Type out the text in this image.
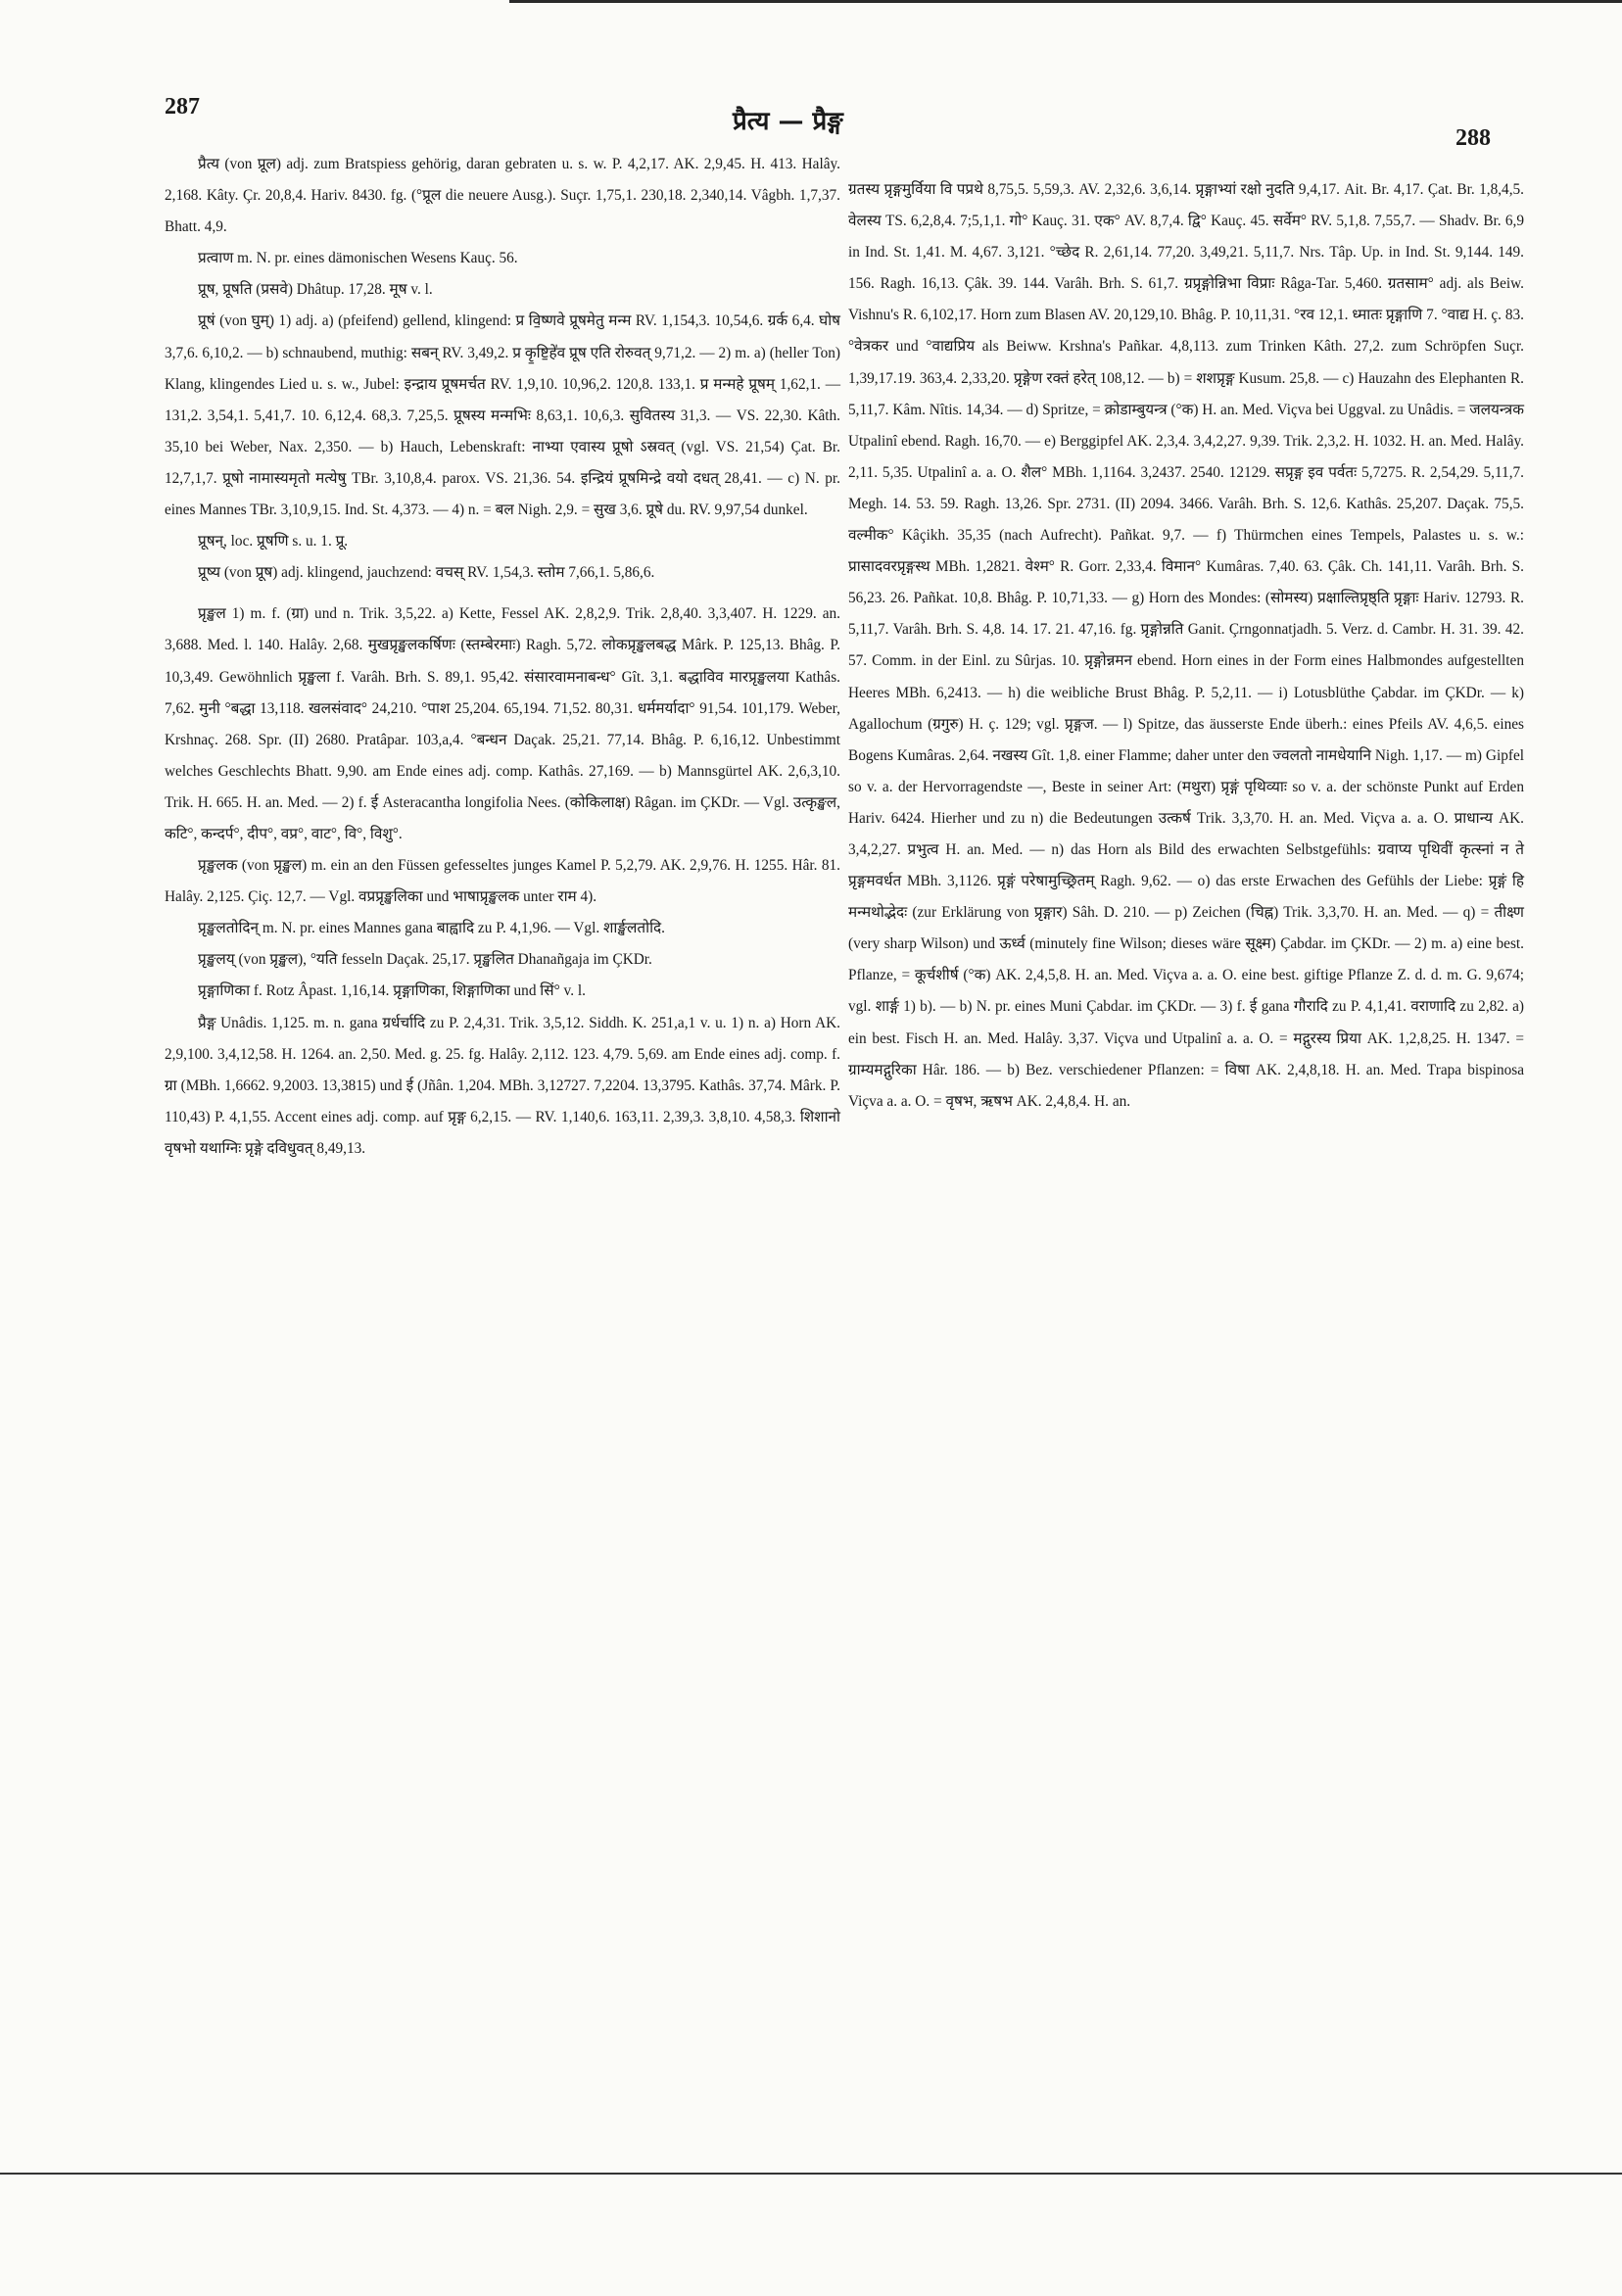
287	प्रैत्य — प्रैङ्ग
288

प्रैत्य (von प्रूल) adj. zum Bratspiess gehörig, daran gebraten u. s. w. P. 4,2,17. AK. 2,9,45. H. 413. Halây. 2,168. Kâty. Çr. 20,8,4. Hariv. 8430. fg. (°प्रूल die neuere Ausg.). Suçr. 1,75,1. 230,18. 2,340,14. Vâgbh. 1,7,37. Bhatt. 4,9.

प्रत्वाण m. N. pr. eines dämonischen Wesens Kauç. 56.

प्रूष, प्रूषति (प्रसवे) Dhâtup. 17,28. मूष v. l.

प्रूषं (von घुम्) 1) adj. a) (pfeifend) gellend, klingend: प्र वि॒ष्णवे प्रूषमेतु मन्म RV. 1,154,3. 10,54,6. ग्रर्क 6,4. घोष 3,7,6. 6,10,2. — b) schnaubend, muthig: सबन् RV. 3,49,2. प्र कृ॒ष्टि॒हे॑व प्रूष एति रोरुवत् 9,71,2. — 2) m. a) (heller Ton) Klang, klingendes Lied u. s. w., Jubel: इन्द्राय प्रूषमर्चत RV. 1,9,10. 10,96,2. 120,8. 133,1. प्र मन्महे प्रूषम् 1,62,1. — 131,2. 3,54,1. 5,41,7. 10. 6,12,4. 68,3. 7,25,5. प्रूषस्य मन्मभिः 8,63,1. 10,6,3. सुवितस्य 31,3. — VS. 22,30. Kâth. 35,10 bei Weber, Nax. 2,350. — b) Hauch, Lebenskraft: नाभ्या एवास्य प्रूषो ऽस्रवत् (vgl. VS. 21,54) Çat. Br. 12,7,1,7. प्रूषो नामास्यमृतो मत्येषु TBr. 3,10,8,4. parox. VS. 21,36. 54. इन्द्रियं प्रूषमिन्द्रे वयो दधत् 28,41. — c) N. pr. eines Mannes TBr. 3,10,9,15. Ind. St. 4,373. — 4) n. = बल Nigh. 2,9. = सुख 3,6. प्रूषे du. RV. 9,97,54 dunkel.

प्रूषन्, loc. प्रूषणि s. u. 1. प्रू.

प्रूष्य (von प्रूष) adj. klingend, jauchzend: वचस् RV. 1,54,3. स्तोम 7,66,1. 5,86,6.

प्रृङ्खल 1) m. f. (ग्रा) und n. Trik. 3,5,22. a) Kette, Fessel AK. 2,8,2,9. Trik. 2,8,40. 3,3,407. H. 1229. an. 3,688. Med. l. 140. Halây. 2,68. मुखप्रृङ्खलकर्षिणः (स्तम्बेरमाः) Ragh. 5,72. लोकप्रृङ्खलबद्ध Mârk. P. 125,13. Bhâg. P. 10,3,49. Gewöhnlich प्रृङ्खला f. Varâh. Brh. S. 89,1. 95,42. संसारवामनाबन्ध° Gît. 3,1. बद्धाविव मारप्रृङ्खलया Kathâs. 7,62. मुनी °बद्धा 13,118. खलसंवाद° 24,210. °पाश 25,204. 65,194. 71,52. 80,31. धर्ममर्यादा° 91,54. 101,179. Weber, Krshnaç. 268. Spr. (II) 2680. Pratâpar. 103,a,4. °बन्धन Daçak. 25,21. 77,14. Bhâg. P. 6,16,12. Unbestimmt welches Geschlechts Bhatt. 9,90. am Ende eines adj. comp. Kathâs. 27,169. — b) Mannsgürtel AK. 2,6,3,10. Trik. H. 665. H. an. Med. — 2) f. ई Asteracantha longifolia Nees. (कोकिलाक्ष) Râgan. im ÇKDr. — Vgl. उत्कृङ्खल, कटि°, कन्दर्प°, दीप°, वप्र°, वाट°, वि°, विशु°.

प्रृङ्खलक (von प्रृङ्खल) m. ein an den Füssen gefesseltes junges Kamel P. 5,2,79. AK. 2,9,76. H. 1255. Hâr. 81. Halây. 2,125. Çiç. 12,7. — Vgl. वप्रप्रृङ्खलिका und भाषाप्रृङ्खलक unter राम 4).

प्रृङ्खलतोदिन् m. N. pr. eines Mannes gana बाह्वादि zu P. 4,1,96. — Vgl. शार्ङ्खलतोदि.

प्रृङ्खलय् (von प्रृङ्खल), °यति fesseln Daçak. 25,17. प्रृङ्खलित Dhanañgaja im ÇKDr.

प्रृङ्गाणिका f. Rotz Âpast. 1,16,14. प्रृङ्गाणिका, शिङ्गाणिका und सिं° v. l.

प्रैङ्ग Unâdis. 1,125. m. n. gana ग्रर्धर्चादि zu P. 2,4,31. Trik. 3,5,12. Siddh. K. 251,a,1 v. u. 1) n. a) Horn AK. 2,9,100. 3,4,12,58. H. 1264. an. 2,50. Med. g. 25. fg. Halây. 2,112. 123. 4,79. 5,69. am Ende eines adj. comp. f. ग्रा (MBh. 1,6662. 9,2003. 13,3815) und ई (Jñân. 1,204. MBh. 3,12727. 7,2204. 13,3795. Kathâs. 37,74. Mârk. P. 110,43) P. 4,1,55. Accent eines adj. comp. auf प्रृङ्ग 6,2,15. — RV. 1,140,6. 163,11. 2,39,3. 3,8,10. 4,58,3. शिशानो वृषभो यथाग्निः प्रृङ्गे दविधुवत् 8,49,13.

ग्रतस्य प्रृङ्गमुर्विया वि पप्रथे 8,75,5. 5,59,3. AV. 2,32,6. 3,6,14. प्रृङ्गाभ्यां रक्षो नुदति 9,4,17. Ait. Br. 4,17. Çat. Br. 1,8,4,5. वेलस्य TS. 6,2,8,4. 7;5,1,1. गो° Kauç. 31. एक° AV. 8,7,4. द्वि° Kauç. 45. सर्वेम° RV. 5,1,8. 7,55,7. — Shadv. Br. 6,9 in Ind. St. 1,41. M. 4,67. 3,121. °च्छेद R. 2,61,14. 77,20. 3,49,21. 5,11,7. Nrs. Tâp. Up. in Ind. St. 9,144. 149. 156. Ragh. 16,13. Çâk. 39. 144. Varâh. Brh. S. 61,7. ग्रप्रृङ्गोन्निभा विप्राः Râga-Tar. 5,460. ग्रतसाम° adj. als Beiw. Vishnu's R. 6,102,17. Horn zum Blasen AV. 20,129,10. Bhâg. P. 10,11,31. °रव 12,1. ध्मातः प्रृङ्गाणि 7. °वाद्य H. ç. 83. °वेत्रकर und °वाद्यप्रिय als Beiww. Krshna's Pañkar. 4,8,113. zum Trinken Kâth. 27,2. zum Schröpfen Suçr. 1,39,17.19. 363,4. 2,33,20. प्रृङ्गेण रक्तं हरेत् 108,12. — b) = शशप्रृङ्ग Kusum. 25,8. — c) Hauzahn des Elephanten R. 5,11,7. Kâm. Nîtis. 14,34. — d) Spritze, = क्रोडाम्बुयन्त्र (°क) H. an. Med. Viçva bei Uggval. zu Unâdis. = जलयन्त्रक Utpalinî ebend. Ragh. 16,70. — e) Berggipfel AK. 2,3,4. 3,4,2,27. 9,39. Trik. 2,3,2. H. 1032. H. an. Med. Halây. 2,11. 5,35. Utpalinî a. a. O. शैल° MBh. 1,1164. 3,2437. 2540. 12129. सप्रृङ्ग इव पर्वतः 5,7275. R. 2,54,29. 5,11,7. Megh. 14. 53. 59. Ragh. 13,26. Spr. 2731. (II) 2094. 3466. Varâh. Brh. S. 12,6. Kathâs. 25,207. Daçak. 75,5. वल्मीक° Kâçikh. 35,35 (nach Aufrecht). Pañkat. 9,7. — f) Thürmchen eines Tempels, Palastes u. s. w.: प्रासादवरप्रृङ्गस्थ MBh. 1,2821. वेश्म° R. Gorr. 2,33,4. विमान° Kumâras. 7,40. 63. Çâk. Ch. 141,11. Varâh. Brh. S. 56,23. 26. Pañkat. 10,8. Bhâg. P. 10,71,33. — g) Horn des Mondes: (सोमस्य) प्रक्षाल्तिप्रृष्ठ्ति प्रृङ्गाः Hariv. 12793. R. 5,11,7. Varâh. Brh. S. 4,8. 14. 17. 21. 47,16. fg. प्रृङ्गोन्नति Ganit. Çrngonnatjadh. 5. Verz. d. Cambr. H. 31. 39. 42. 57. Comm. in der Einl. zu Sûrjas. 10. प्रृङ्गोन्नमन ebend. Horn eines in der Form eines Halbmondes aufgestellten Heeres MBh. 6,2413. — h) die weibliche Brust Bhâg. P. 5,2,11. — i) Lotusblüthe Çabdar. im ÇKDr. — k) Agallochum (ग्रगुरु) H. ç. 129; vgl. प्रृङ्गज. — l) Spitze, das äusserste Ende überh.: eines Pfeils AV. 4,6,5. eines Bogens Kumâras. 2,64. नखस्य Gît. 1,8. einer Flamme; daher unter den ज्वलतो नामधेयानि Nigh. 1,17. — m) Gipfel so v. a. der Hervorragendste —, Beste in seiner Art: (मथुरा) प्रृङ्गं पृथिव्याः so v. a. der schönste Punkt auf Erden Hariv. 6424. Hierher und zu n) die Bedeutungen उत्कर्ष Trik. 3,3,70. H. an. Med. Viçva a. a. O. प्राधान्य AK. 3,4,2,27. प्रभुत्व H. an. Med. — n) das Horn als Bild des erwachten Selbstgefühls: ग्रवाप्य पृथिवीं कृत्स्नां न ते प्रृङ्गमवर्धत MBh. 3,1126. प्रृङ्गं परेषामुच्छ्रितम् Ragh. 9,62. — o) das erste Erwachen des Gefühls der Liebe: प्रृङ्गं हि मन्मथोद्भेदः (zur Erklärung von प्रृङ्गार) Sâh. D. 210. — p) Zeichen (चिह्न) Trik. 3,3,70. H. an. Med. — q) = तीक्ष्ण (very sharp Wilson) und ऊर्ध्व (minutely fine Wilson; dieses wäre सूक्ष्म) Çabdar. im ÇKDr. — 2) m. a) eine best. Pflanze, = कूर्चशीर्ष (°क) AK. 2,4,5,8. H. an. Med. Viçva a. a. O. eine best. giftige Pflanze Z. d. d. m. G. 9,674; vgl. शार्ङ्ग 1) b). — b) N. pr. eines Muni Çabdar. im ÇKDr. — 3) f. ई gana गौरादि zu P. 4,1,41. वराणादि zu 2,82. a) ein best. Fisch H. an. Med. Halây. 3,37. Viçva und Utpalinî a. a. O. = मद्गुरस्य प्रिया AK. 1,2,8,25. H. 1347. = ग्राम्यमद्गुरिका Hâr. 186. — b) Bez. verschiedener Pflanzen: = विषा AK. 2,4,8,18. H. an. Med. Trapa bispinosa Viçva a. a. O. = वृषभ, ऋषभ AK. 2,4,8,4. H. an.
